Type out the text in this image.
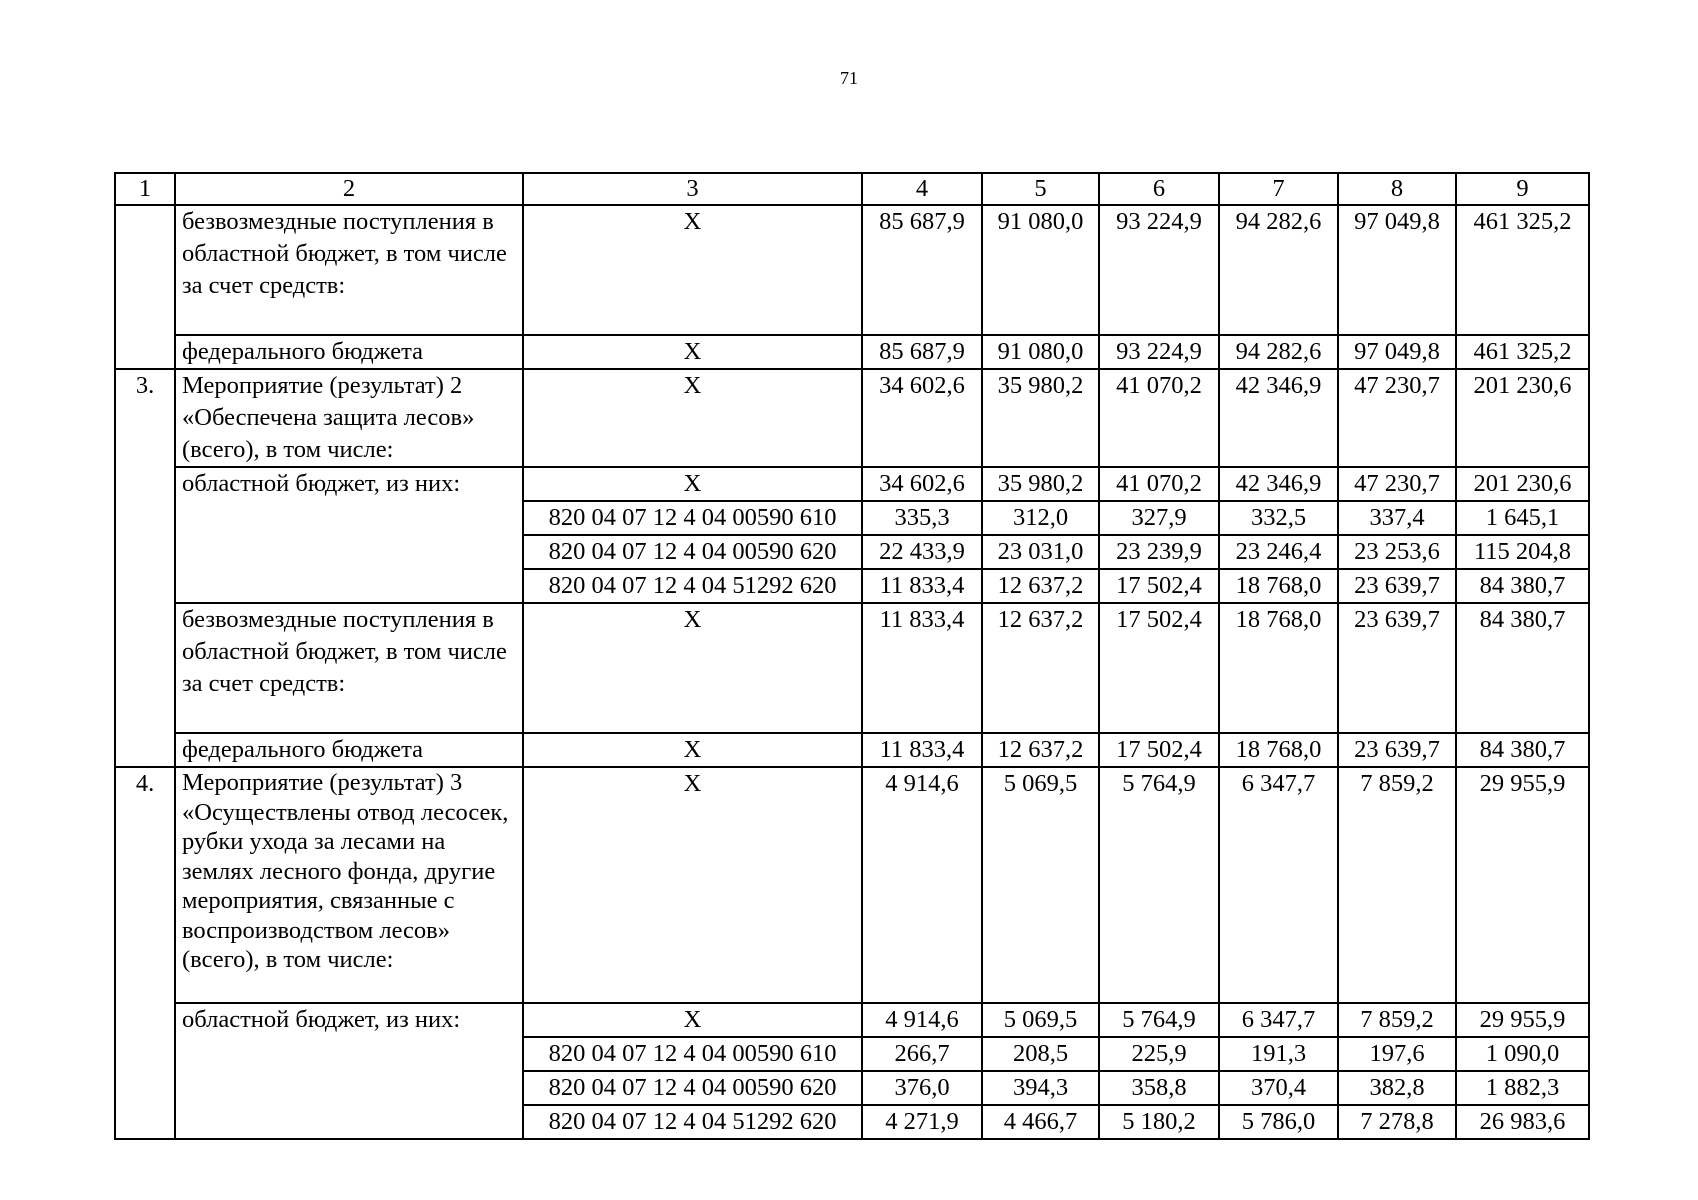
71
1	2	3	4	5	6	7	8	9
	безвозмездные поступления в областной бюджет, в том числе за счет средств:	Х	85 687,9	91 080,0	93 224,9	94 282,6	97 049,8	461 325,2
	федерального бюджета	Х	85 687,9	91 080,0	93 224,9	94 282,6	97 049,8	461 325,2
3.	Мероприятие (результат) 2 «Обеспечена защита лесов» (всего), в том числе:	Х	34 602,6	35 980,2	41 070,2	42 346,9	47 230,7	201 230,6
	областной бюджет, из них:	Х	34 602,6	35 980,2	41 070,2	42 346,9	47 230,7	201 230,6
		820 04 07 12 4 04 00590 610	335,3	312,0	327,9	332,5	337,4	1 645,1
		820 04 07 12 4 04 00590 620	22 433,9	23 031,0	23 239,9	23 246,4	23 253,6	115 204,8
		820 04 07 12 4 04 51292 620	11 833,4	12 637,2	17 502,4	18 768,0	23 639,7	84 380,7
	безвозмездные поступления в областной бюджет, в том числе за счет средств:	Х	11 833,4	12 637,2	17 502,4	18 768,0	23 639,7	84 380,7
	федерального бюджета	Х	11 833,4	12 637,2	17 502,4	18 768,0	23 639,7	84 380,7
4.	Мероприятие (результат) 3 «Осуществлены отвод лесосек, рубки ухода за лесами на землях лесного фонда, другие мероприятия, связанные с воспроизводством лесов» (всего), в том числе:	Х	4 914,6	5 069,5	5 764,9	6 347,7	7 859,2	29 955,9
	областной бюджет, из них:	Х	4 914,6	5 069,5	5 764,9	6 347,7	7 859,2	29 955,9
		820 04 07 12 4 04 00590 610	266,7	208,5	225,9	191,3	197,6	1 090,0
		820 04 07 12 4 04 00590 620	376,0	394,3	358,8	370,4	382,8	1 882,3
		820 04 07 12 4 04 51292 620	4 271,9	4 466,7	5 180,2	5 786,0	7 278,8	26 983,6
